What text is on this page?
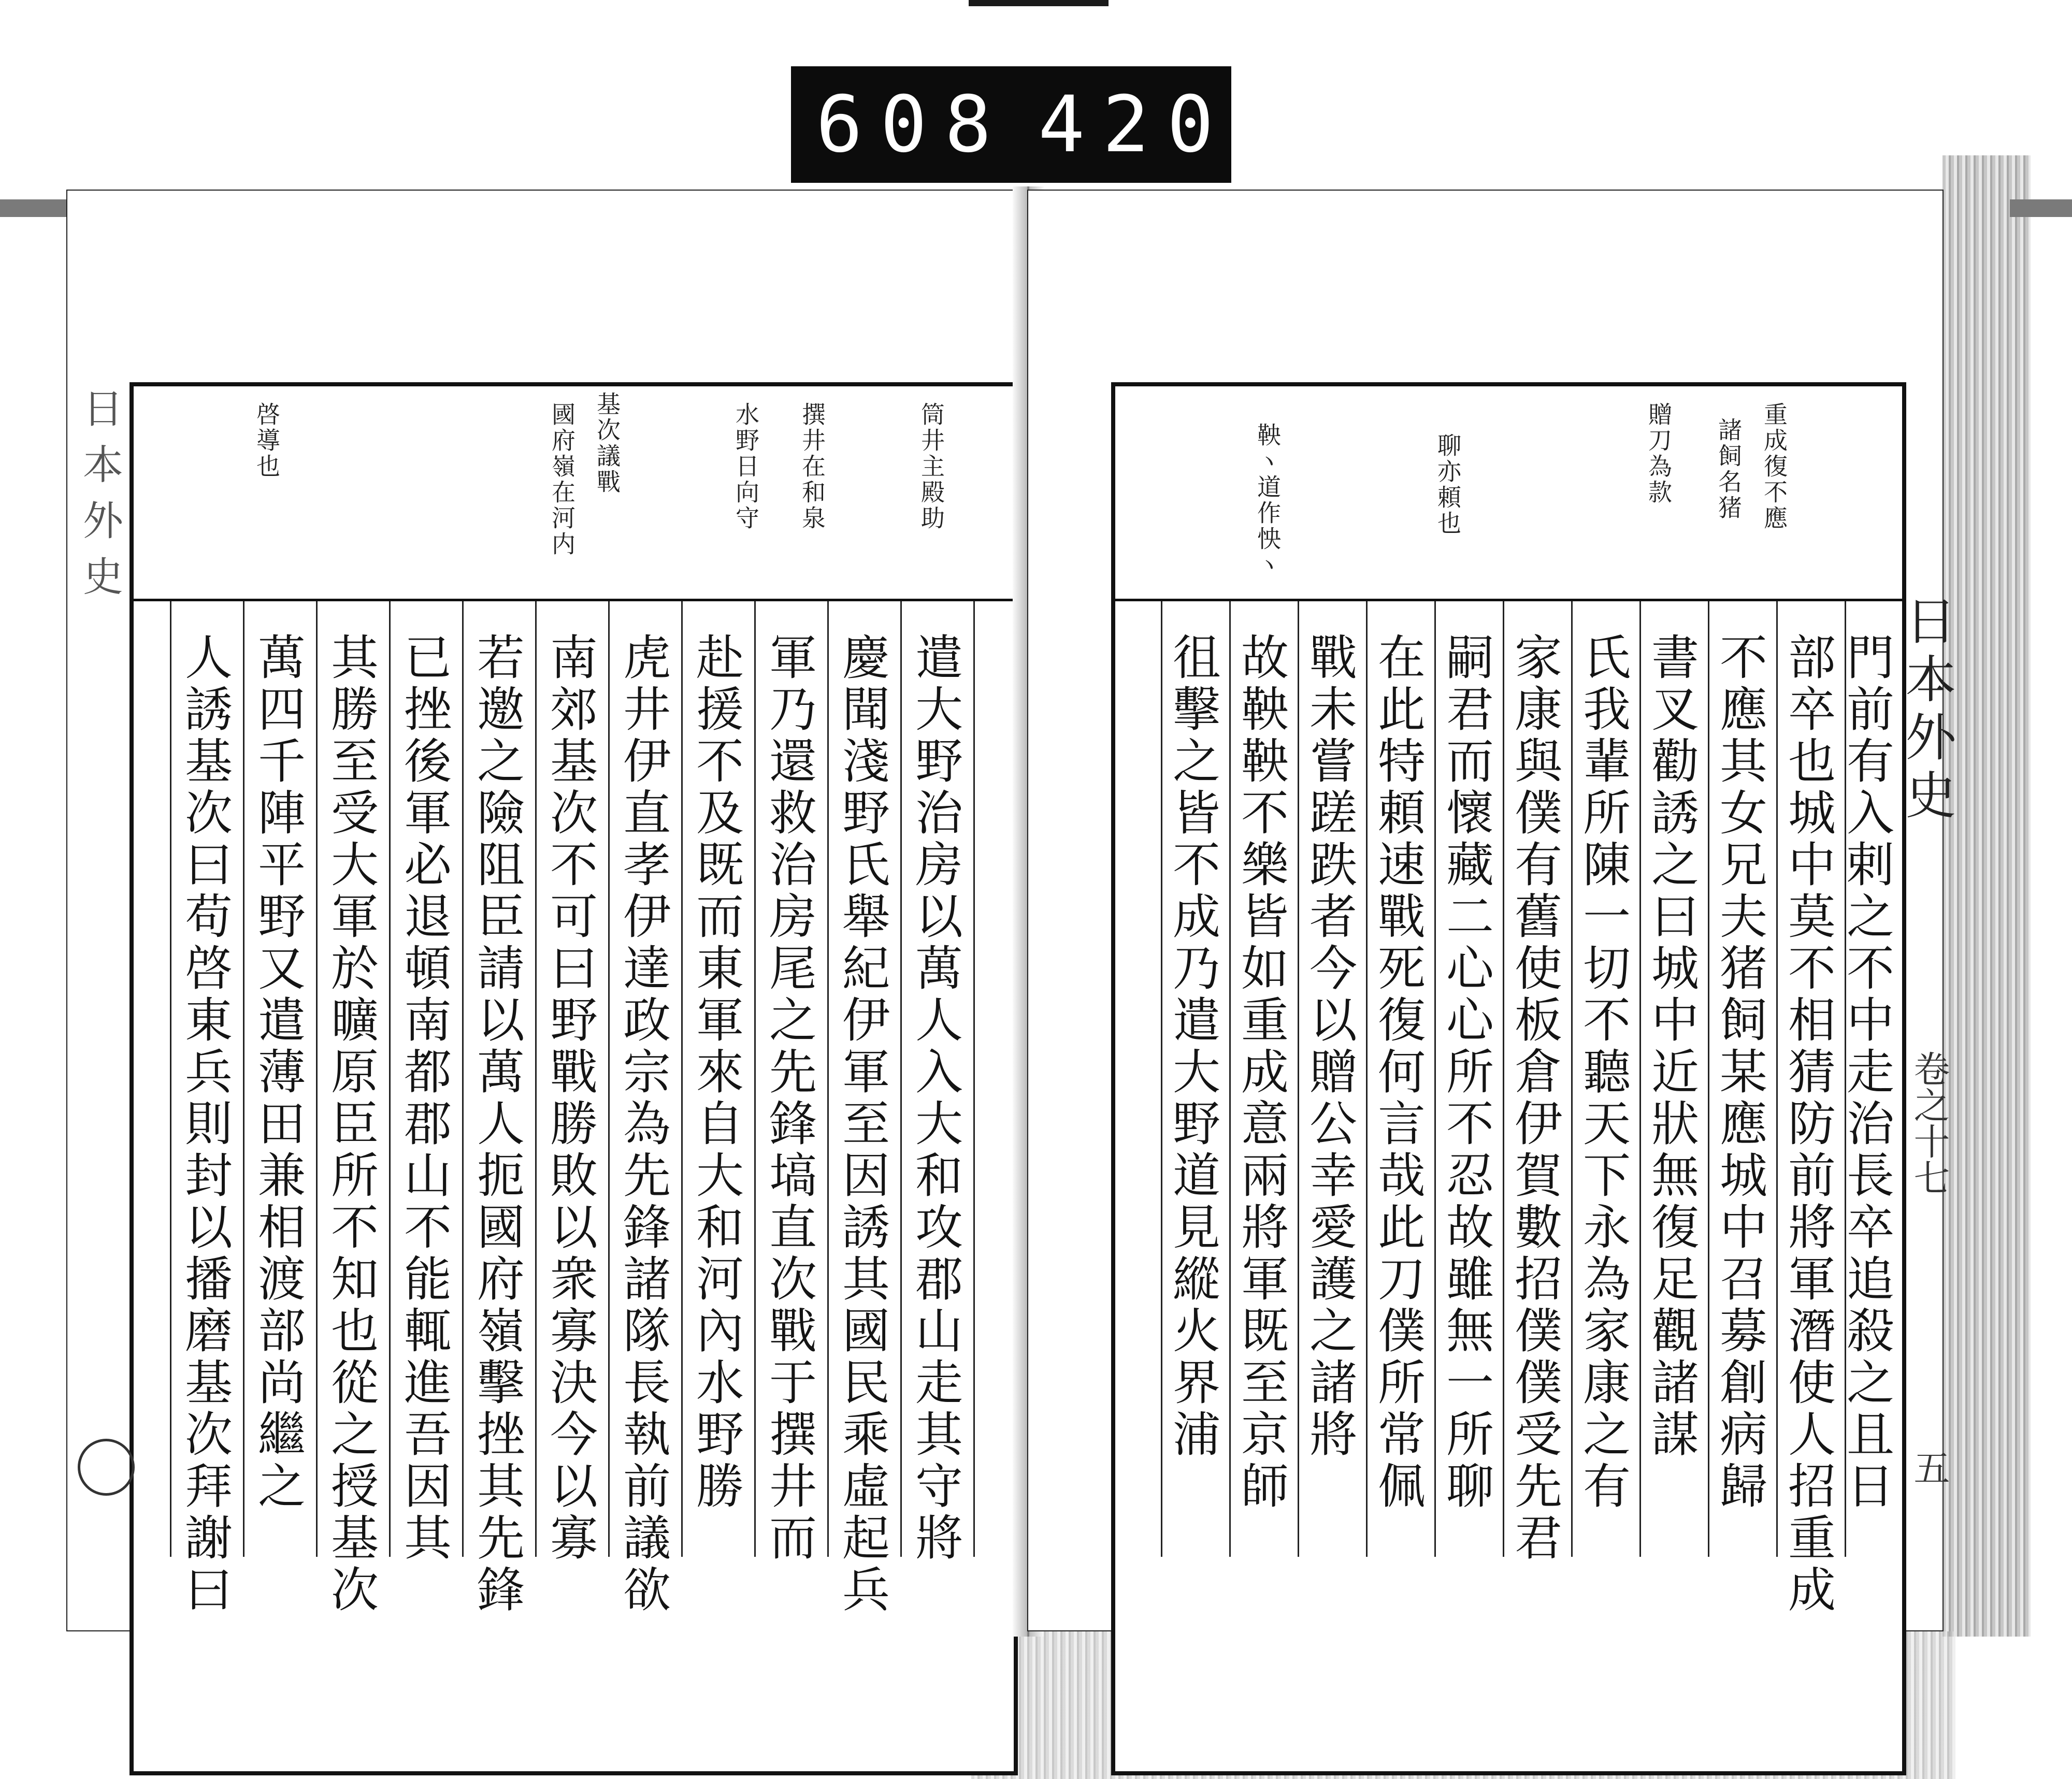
608 420
日本外史	筒井主殿助
撰井在和泉
水野日向守
基次議戰
國府嶺在河内
啓導也
遣大野治房以萬人入大和攻郡山走其守將
慶聞淺野氏舉紀伊軍至因誘其國民乘虛起兵
軍乃還救治房尾之先鋒塙直次戰于撰井而
赴援不及既而東軍來自大和河內水野勝
虎井伊直孝伊達政宗為先鋒諸隊長執前議欲
南郊基次不可曰野戰勝敗以衆寡決今以寡
若邀之險阻臣請以萬人扼國府嶺擊挫其先鋒
已挫後軍必退頓南都郡山不能輒進吾因其
其勝至受大軍於曠原臣所不知也從之授基次
萬四千陣平野又遣薄田兼相渡部尚繼之
人誘基次曰苟啓東兵則封以播磨基次拜謝曰
重成復不應
諸飼名猪
贈刀為款
聊亦頼也
鞅ヽ道作怏ヽ
門前有入剌之不中走治長卒追殺之且日
部卒也城中莫不相猜防前將軍潛使人招重成
不應其女兄夫猪飼某應城中召募創病歸
書叉勸誘之曰城中近狀無復足觀諸謀
氏我輩所陳一切不聽天下永為家康之有
家康與僕有舊使板倉伊賀數招僕僕受先君
嗣君而懷藏二心心所不忍故雖無一所聊
在此特頼速戰死復何言哉此刀僕所常佩
戰未嘗蹉跌者今以贈公幸愛護之諸將
故鞅鞅不樂皆如重成意兩將軍既至京師
徂擊之皆不成乃遣大野道見縱火界浦	日本外史
卷之十七
五
